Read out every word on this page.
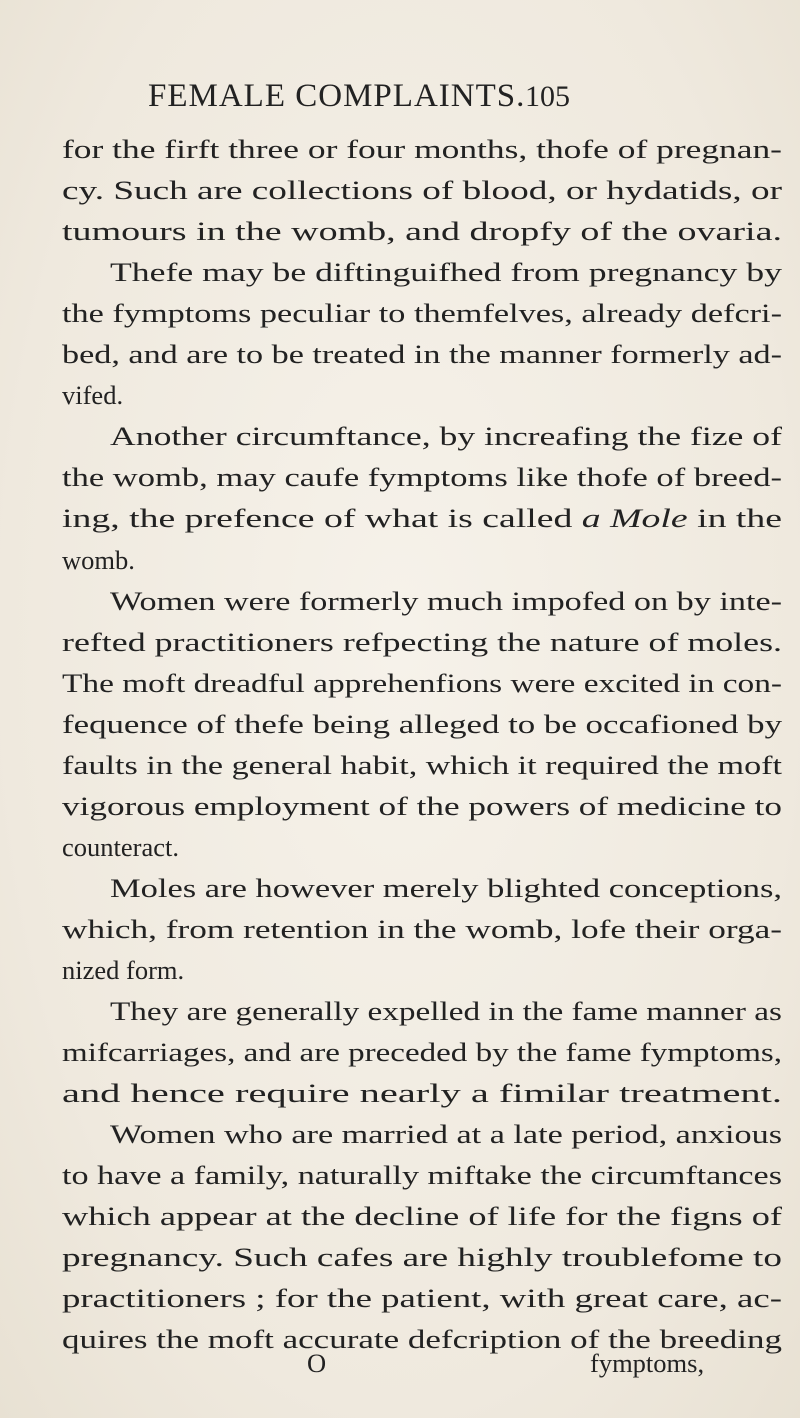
FEMALE COMPLAINTS. 105
for the firft three or four months, thofe of pregnan-
cy. Such are collections of blood, or hydatids, or
tumours in the womb, and dropfy of the ovaria.
Thefe may be diftinguifhed from pregnancy by
the fymptoms peculiar to themfelves, already defcri-
bed, and are to be treated in the manner formerly ad-
vifed.
Another circumftance, by increafing the fize of
the womb, may caufe fymptoms like thofe of breed-
ing, the prefence of what is called a Mole in the
womb.
Women were formerly much impofed on by inte-
refted practitioners refpecting the nature of moles.
The moft dreadful apprehenfions were excited in con-
fequence of thefe being alleged to be occafioned by
faults in the general habit, which it required the moft
vigorous employment of the powers of medicine to
counteract.
Moles are however merely blighted conceptions,
which, from retention in the womb, lofe their orga-
nized form.
They are generally expelled in the fame manner as
mifcarriages, and are preceded by the fame fymptoms,
and hence require nearly a fimilar treatment.
Women who are married at a late period, anxious
to have a family, naturally miftake the circumftances
which appear at the decline of life for the figns of
pregnancy. Such cafes are highly troublefome to
practitioners ; for the patient, with great care, ac-
quires the moft accurate defcription of the breeding
O	fymptoms,
